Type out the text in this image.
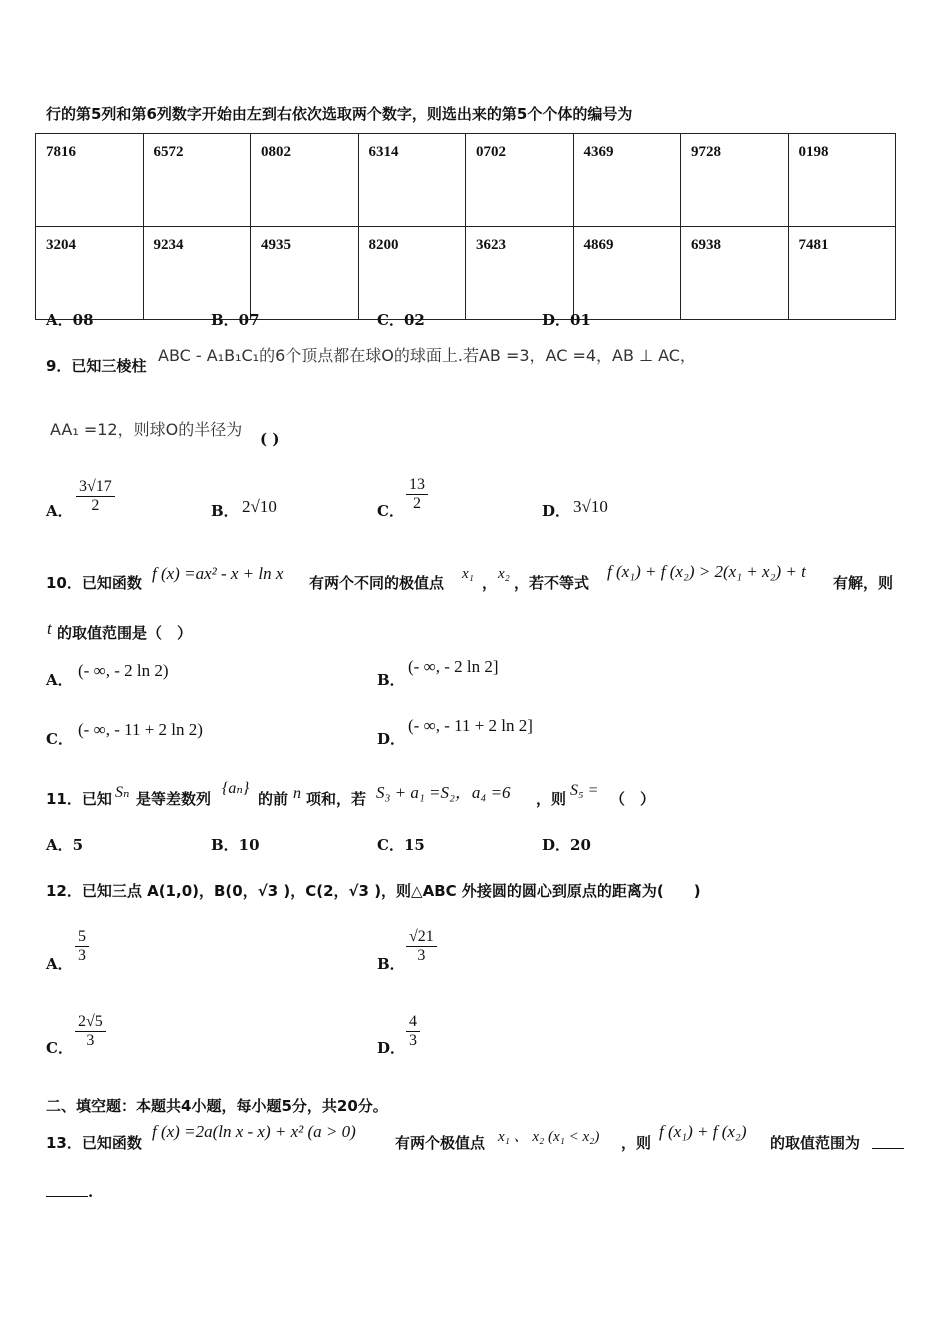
行的第5列和第6列数字开始由左到右依次选取两个数字，则选出来的第5个个体的编号为
7816	6572	0802	6314	0702	4369	9728	0198
3204	9234	4935	8200	3623	4869	6938	7481
A．08	B．07	C．02	D．01
9．已知三棱柱
ABC - A₁B₁C₁的6个顶点都在球O的球面上.若AB =3，AC =4，AB ⊥ AC，
AA₁ =12，则球O的半径为 ( )
A． $\frac{3√17}{2}$	B． 2√10	C． $\frac{13}{2}$	D． 3√10
10．已知函数 f (x) =ax² - x + ln x 有两个不同的极值点 x₁ ， x₂ ，若不等式
f (x₁) + f (x₂) > 2(x₁ + x₂) + t
有解，则
t 的取值范围是（　）
A． (- ∞, - 2 ln 2)	B．
(- ∞, - 2 ln 2]
C． (- ∞, - 11 + 2 ln 2)	D．
(- ∞, - 11 + 2 ln 2]
11．已知 Sₙ 是等差数列
{aₙ}
的前 n 项和，若 S₃ + a₁ =S₂，a₄ =6 ，则 S₅ = （　）
A．5	B．10	C．15	D．20
12．已知三点 A(1,0)，B(0，√3 )，C(2，√3 )，则△ABC 外接圆的圆心到原点的距离为(　　)
A． $\frac{5}{3}$	B． $\frac{√21}{3}$
C． $\frac{2√5}{3}$	D． $\frac{4}{3}$
二、填空题：本题共4小题，每小题5分，共20分。
13．已知函数
f (x) =2a(ln x - x) + x² (a > 0)
有两个极值点 x₁ 、 x₂ (x₁ < x₂) ，则
f (x₁) + f (x₂)
的取值范围为
.
